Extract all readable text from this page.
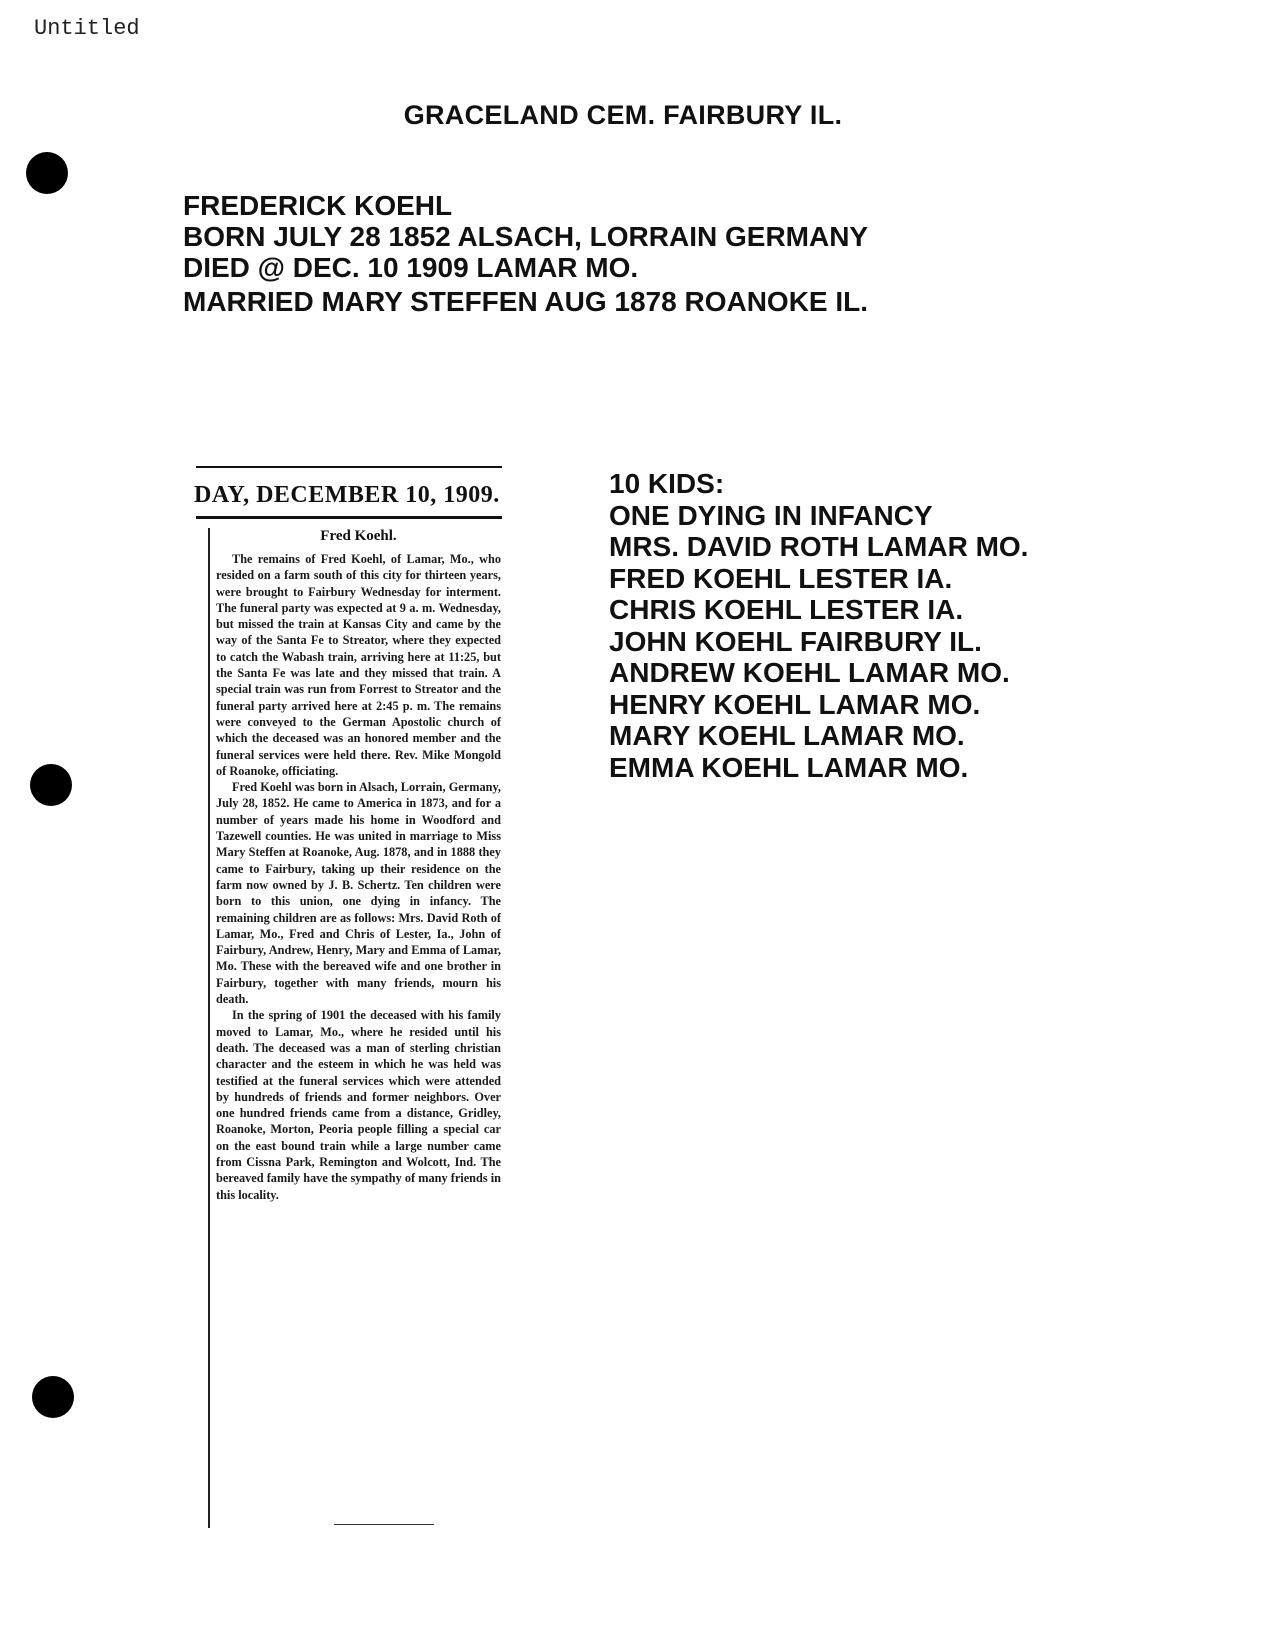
Untitled
GRACELAND CEM. FAIRBURY IL.
FREDERICK KOEHL
BORN JULY 28 1852 ALSACH, LORRAIN GERMANY
DIED @ DEC. 10 1909 LAMAR MO.
MARRIED MARY STEFFEN AUG 1878 ROANOKE IL.
10 KIDS:
ONE DYING IN INFANCY
MRS. DAVID ROTH LAMAR MO.
FRED KOEHL LESTER IA.
CHRIS KOEHL LESTER IA.
JOHN KOEHL FAIRBURY IL.
ANDREW KOEHL LAMAR MO.
HENRY KOEHL LAMAR MO.
MARY KOEHL LAMAR MO.
EMMA KOEHL LAMAR MO.
DAY, DECEMBER 10, 1909.
Fred Koehl.

The remains of Fred Koehl, of Lamar, Mo., who resided on a farm south of this city for thirteen years, were brought to Fairbury Wednesday for interment. The funeral party was expected at 9 a. m. Wednesday, but missed the train at Kansas City and came by the way of the Santa Fe to Streator, where they expected to catch the Wabash train, arriving here at 11:25, but the Santa Fe was late and they missed that train. A special train was run from Forrest to Streator and the funeral party arrived here at 2:45 p. m. The remains were conveyed to the German Apostolic church of which the deceased was an honored member and the funeral services were held there. Rev. Mike Mongold of Roanoke, officiating.

Fred Koehl was born in Alsach, Lorrain, Germany, July 28, 1852. He came to America in 1873, and for a number of years made his home in Woodford and Tazewell counties. He was united in marriage to Miss Mary Steffen at Roanoke, Aug. 1878, and in 1888 they came to Fairbury, taking up their residence on the farm now owned by J. B. Schertz. Ten children were born to this union, one dying in infancy. The remaining children are as follows: Mrs. David Roth of Lamar, Mo., Fred and Chris of Lester, Ia., John of Fairbury, Andrew, Henry, Mary and Emma of Lamar, Mo. These with the bereaved wife and one brother in Fairbury, together with many friends, mourn his death.

In the spring of 1901 the deceased with his family moved to Lamar, Mo., where he resided until his death. The deceased was a man of sterling christian character and the esteem in which he was held was testified at the funeral services which were attended by hundreds of friends and former neighbors. Over one hundred friends came from a distance, Gridley, Roanoke, Morton, Peoria people filling a special car on the east bound train while a large number came from Cissna Park, Remington and Wolcott, Ind. The bereaved family have the sympathy of many friends in this locality.
